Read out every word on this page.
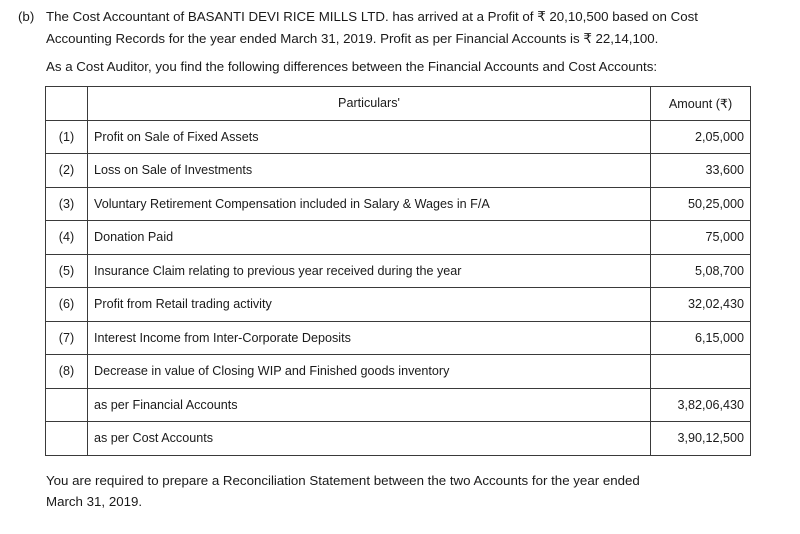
(b) The Cost Accountant of BASANTI DEVI RICE MILLS LTD. has arrived at a Profit of ₹ 20,10,500 based on Cost
Accounting Records for the year ended March 31, 2019. Profit as per Financial Accounts is ₹ 22,14,100.
As a Cost Auditor, you find the following differences between the Financial Accounts and Cost Accounts:
	Particulars'	Amount (₹)
(1)	Profit on Sale of Fixed Assets	2,05,000
(2)	Loss on Sale of Investments	33,600
(3)	Voluntary Retirement Compensation included in Salary & Wages in F/A	50,25,000
(4)	Donation Paid	75,000
(5)	Insurance Claim relating to previous year received during the year	5,08,700
(6)	Profit from Retail trading activity	32,02,430
(7)	Interest Income from Inter-Corporate Deposits	6,15,000
(8)	Decrease in value of Closing WIP and Finished goods inventory	
	as per Financial Accounts	3,82,06,430
	as per Cost Accounts	3,90,12,500
You are required to prepare a Reconciliation Statement between the two Accounts for the year ended
March 31, 2019.
